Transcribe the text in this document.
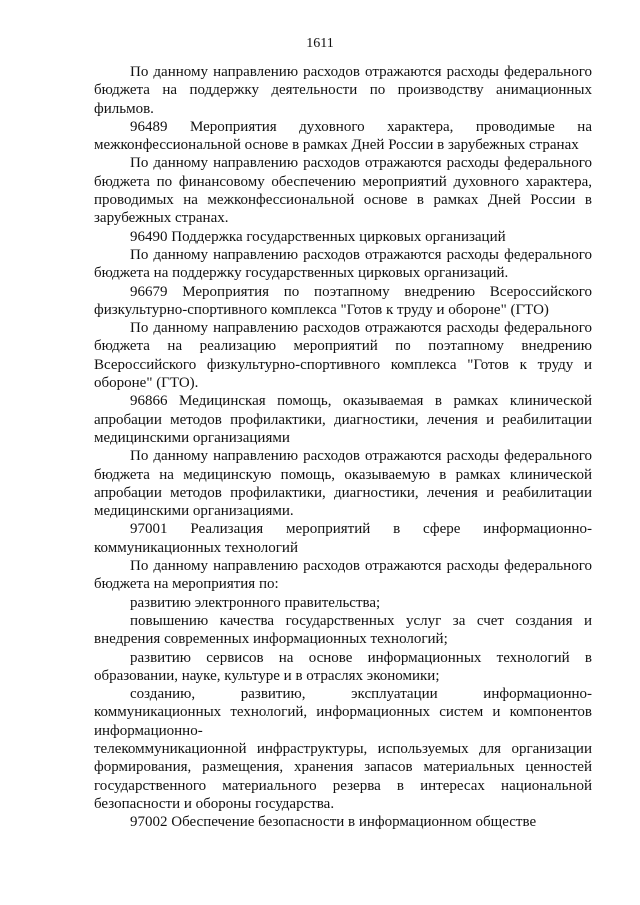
1611

По данному направлению расходов отражаются расходы федерального бюджета на поддержку деятельности по производству анимационных фильмов.

96489 Мероприятия духовного характера, проводимые на межконфессиональной основе в рамках Дней России в зарубежных странах

По данному направлению расходов отражаются расходы федерального бюджета по финансовому обеспечению мероприятий духовного характера, проводимых на межконфессиональной основе в рамках Дней России в зарубежных странах.

96490 Поддержка государственных цирковых организаций

По данному направлению расходов отражаются расходы федерального бюджета на поддержку государственных цирковых организаций.

96679 Мероприятия по поэтапному внедрению Всероссийского физкультурно-спортивного комплекса "Готов к труду и обороне" (ГТО)

По данному направлению расходов отражаются расходы федерального бюджета на реализацию мероприятий по поэтапному внедрению Всероссийского физкультурно-спортивного комплекса "Готов к труду и обороне" (ГТО).

96866 Медицинская помощь, оказываемая в рамках клинической апробации методов профилактики, диагностики, лечения и реабилитации медицинскими организациями

По данному направлению расходов отражаются расходы федерального бюджета на медицинскую помощь, оказываемую в рамках клинической апробации методов профилактики, диагностики, лечения и реабилитации медицинскими организациями.

97001 Реализация мероприятий в сфере информационно-коммуникационных технологий

По данному направлению расходов отражаются расходы федерального бюджета на мероприятия по:

развитию электронного правительства;

повышению качества государственных услуг за счет создания и внедрения современных информационных технологий;

развитию сервисов на основе информационных технологий в образовании, науке, культуре и в отраслях экономики;

созданию, развитию, эксплуатации информационно-коммуникационных технологий, информационных систем и компонентов информационно-

телекоммуникационной инфраструктуры, используемых для организации формирования, размещения, хранения запасов материальных ценностей государственного материального резерва в интересах национальной безопасности и обороны государства.

97002 Обеспечение безопасности в информационном обществе
